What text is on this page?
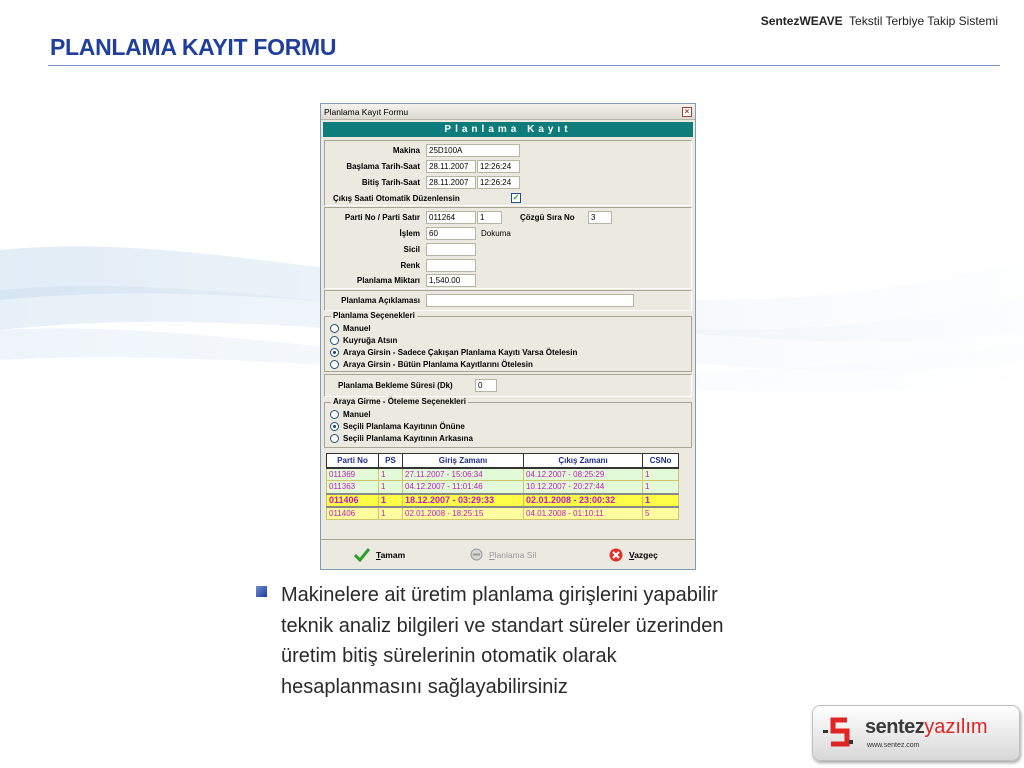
SentezWEAVE Tekstil Terbiye Takip Sistemi
PLANLAMA KAYIT FORMU
Planlama Kayıt Formu	×
Planlama Kayıt
Makina	25D100A
Başlama Tarih-Saat	28.11.2007	12:26:24
Bitiş Tarih-Saat	28.11.2007	12:26:24
Çıkış Saati Otomatik Düzenlensin	✓
Parti No / Parti Satır	011264	1	Çözgü Sıra No	3
İşlem	60	Dokuma
Sicil
Renk
Planlama Miktarı	1,540.00
Planlama Açıklaması
Planlama Seçenekleri
Manuel
Kuyruğa Atsın
Araya Girsin - Sadece Çakışan Planlama Kayıtı Varsa Ötelesin
Araya Girsin - Bütün Planlama Kayıtlarını Ötelesin
Planlama Bekleme Süresi (Dk)	0
Araya Girme - Öteleme Seçenekleri
Manuel
Seçili Planlama Kayıtının Önüne
Seçili Planlama Kayıtının Arkasına
Parti No	PS	Giriş Zamanı	Çıkış Zamanı	CSNo
011369	1	27.11.2007 - 15:06:34	04.12.2007 - 08:25:29	1
011363	1	04.12.2007 - 11:01:46	10.12.2007 - 20:27:44	1
011406	1	18.12.2007 - 03:29:33	02.01.2008 - 23:00:32	1
011406	1	02.01.2008 - 18:25:15	04.01.2008 - 01:10:11	5
Tamam	Planlama Sil	Vazgeç
Makinelere ait üretim planlama girişlerini yapabilir teknik analiz bilgileri ve standart süreler üzerinden üretim bitiş sürelerinin otomatik olarak hesaplanmasını sağlayabilirsiniz
sentezyazılım
www.sentez.com
